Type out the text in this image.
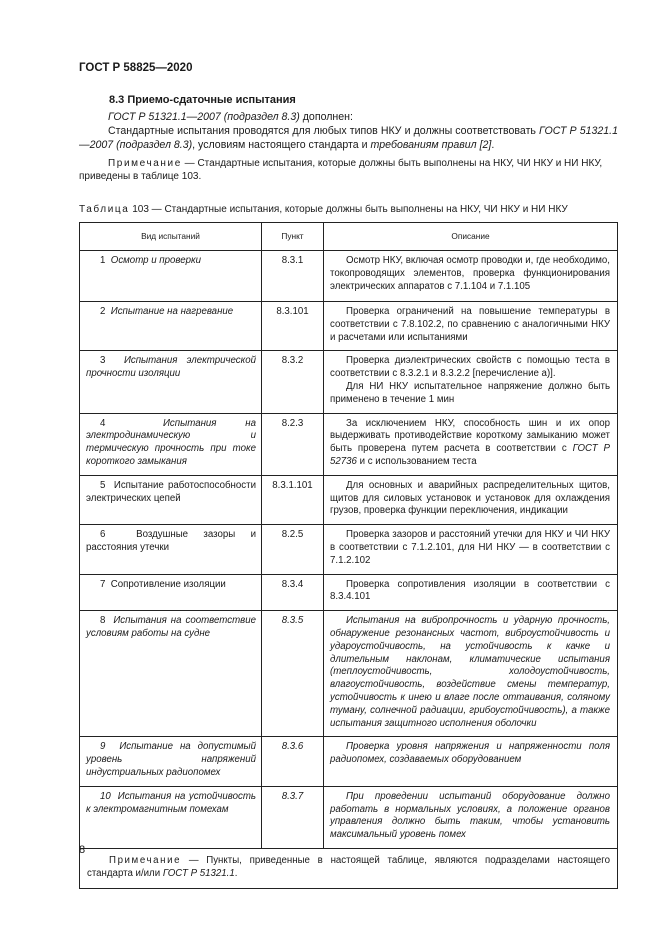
ГОСТ Р 58825—2020
8.3 Приемо-сдаточные испытания

ГОСТ Р 51321.1—2007 (подраздел 8.3) дополнен:

Стандартные испытания проводятся для любых типов НКУ и должны соответствовать ГОСТ Р 51321.1—2007 (подраздел 8.3), условиям настоящего стандарта и требованиям правил [2].

Примечание — Стандартные испытания, которые должны быть выполнены на НКУ, ЧИ НКУ и НИ НКУ, приведены в таблице 103.

Таблица 103 — Стандартные испытания, которые должны быть выполнены на НКУ, ЧИ НКУ и НИ НКУ
Вид испытаний	Пункт	Описание
1 Осмотр и проверки	8.3.1	Осмотр НКУ, включая осмотр проводки и, где необходимо, токопроводящих элементов, проверка функционирования электрических аппаратов с 7.1.104 и 7.1.105
2 Испытание на нагревание	8.3.101	Проверка ограничений на повышение температуры в соответствии с 7.8.102.2, по сравнению с аналогичными НКУ и расчетами или испытаниями
3 Испытания электрической прочности изоляции	8.3.2	Проверка диэлектрических свойств с помощью теста в соответствии с 8.3.2.1 и 8.3.2.2 [перечисление а)].
Для НИ НКУ испытательное напряжение должно быть применено в течение 1 мин

4 Испытания на электродинамическую и термическую прочность при токе короткого замыкания	8.2.3	За исключением НКУ, способность шин и их опор выдерживать противодействие короткому замыканию может быть проверена путем расчета в соответствии с ГОСТ Р 52736 и с использованием теста
5 Испытание работоспособности электрических цепей	8.3.1.101	Для основных и аварийных распределительных щитов, щитов для силовых установок и установок для охлаждения грузов, проверка функции переключения, индикации
6 Воздушные зазоры и расстояния утечки	8.2.5	Проверка зазоров и расстояний утечки для НКУ и ЧИ НКУ в соответствии с 7.1.2.101, для НИ НКУ — в соответствии с 7.1.2.102
7 Сопротивление изоляции	8.3.4	Проверка сопротивления изоляции в соответствии с 8.3.4.101
8 Испытания на соответствие условиям работы на судне	8.3.5	Испытания на вибропрочность и ударную прочность, обнаружение резонансных частот, виброустойчивость и удароустойчивость, на устойчивость к качке и длительным наклонам, климатические испытания (теплоустойчивость, холодоустойчивость, влагоустойчивость, воздействие смены температур, устойчивость к инею и влаге после оттаивания, соляному туману, солнечной радиации, грибоустойчивость), а также испытания защитного исполнения оболочки
9 Испытание на допустимый уровень напряжений индустриальных радиопомех	8.3.6	Проверка уровня напряжения и напряженности поля радиопомех, создаваемых оборудованием
10 Испытания на устойчивость к электромагнитным помехам	8.3.7	При проведении испытаний оборудование должно работать в нормальных условиях, а положение органов управления должно быть таким, чтобы установить максимальный уровень помех
Примечание — Пункты, приведенные в настоящей таблице, являются подразделами настоящего стандарта и/или ГОСТ Р 51321.1.		
8
